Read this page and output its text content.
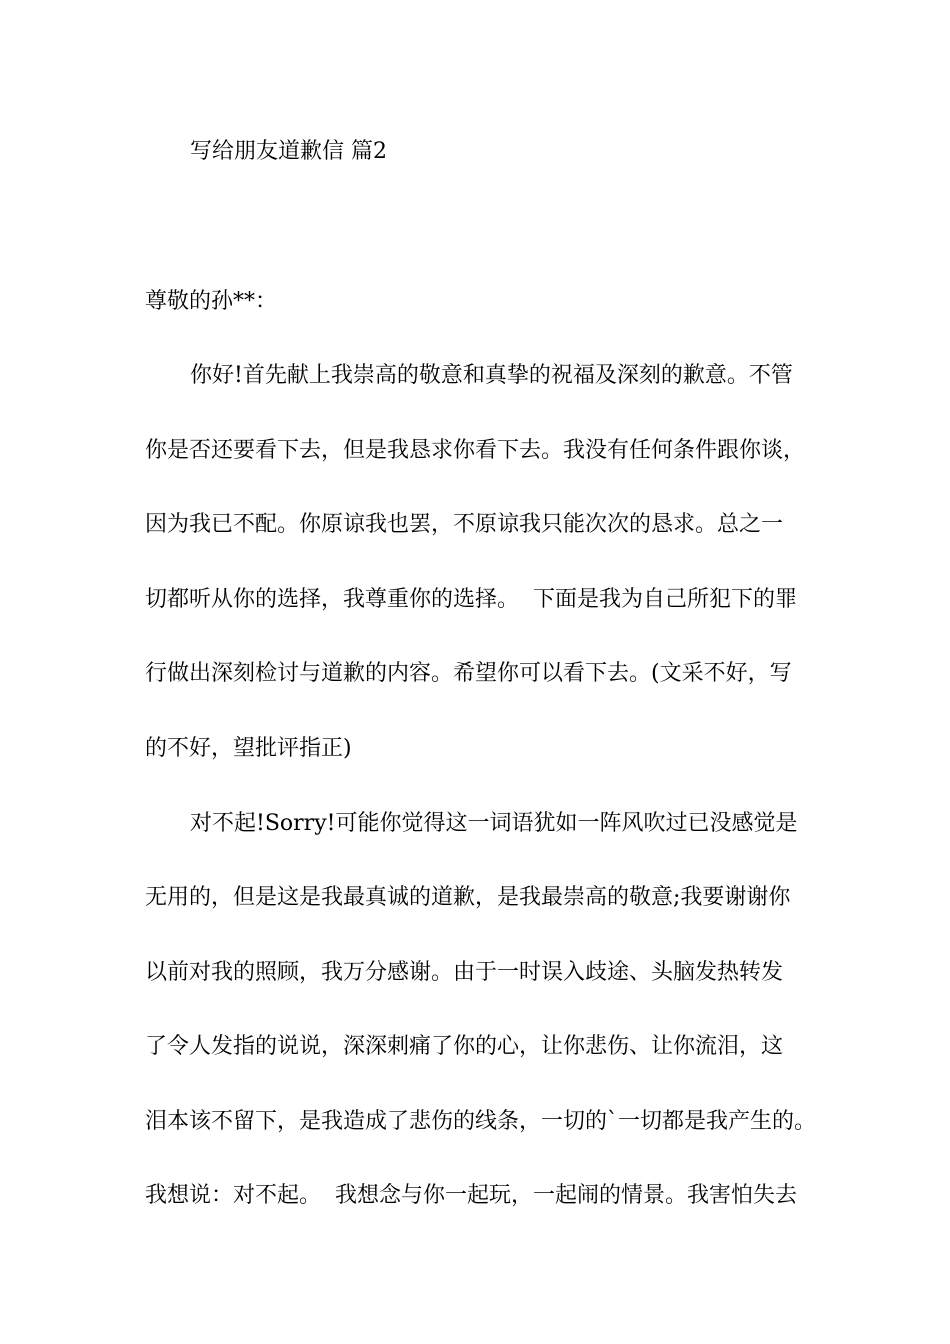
写给朋友道歉信 篇2

尊敬的孙**：

你好!首先献上我崇高的敬意和真挚的祝福及深刻的歉意。不管

你是否还要看下去，但是我恳求你看下去。我没有任何条件跟你谈，

因为我已不配。你原谅我也罢，不原谅我只能次次的恳求。总之一

切都听从你的选择，我尊重你的选择。  下面是我为自己所犯下的罪

行做出深刻检讨与道歉的内容。希望你可以看下去。(文采不好，写

的不好，望批评指正)

对不起!Sorry!可能你觉得这一词语犹如一阵风吹过已没感觉是

无用的，但是这是我最真诚的道歉，是我最崇高的敬意;我要谢谢你

以前对我的照顾，我万分感谢。由于一时误入歧途、头脑发热转发

了令人发指的说说，深深刺痛了你的心，让你悲伤、让你流泪，这

泪本该不留下，是我造成了悲伤的线条，一切的`一切都是我产生的。

我想说：对不起。  我想念与你一起玩，一起闹的情景。我害怕失去
